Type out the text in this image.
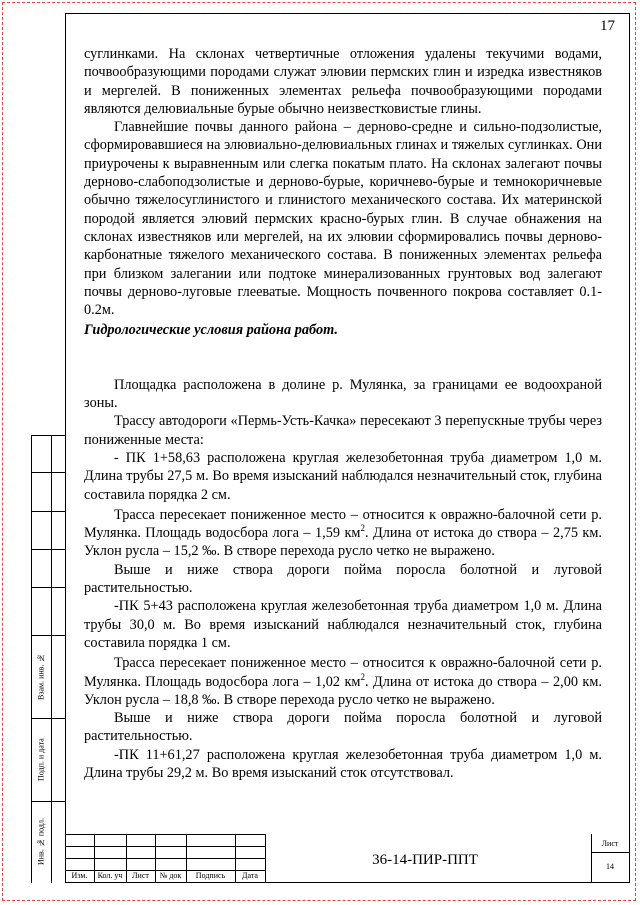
17

суглинками. На склонах четвертичные отложения удалены текучими водами, почвообразующими породами служат элювии пермских глин и изредка известняков и мергелей. В пониженных элементах рельефа почвообразующими породами являются делювиальные бурые обычно неизвестковистые глины.

Главнейшие почвы данного района – дерново-средне и сильно-подзолистые, сформировавшиеся на элювиально-делювиальных глинах и тяжелых суглинках. Они приурочены к выравненным или слегка покатым плато. На склонах залегают почвы дерново-слабоподзолистые и дерново-бурые, коричнево-бурые и темнокоричневые обычно тяжелосуглинистого и глинистого механического состава. Их материнской породой является элювий пермских красно-бурых глин. В случае обнажения на склонах известняков или мергелей, на их элювии сформировались почвы дерново-карбонатные тяжелого механического состава. В пониженных элементах рельефа при близком залегании или подтоке минерализованных грунтовых вод залегают почвы дерново-луговые глееватые. Мощность почвенного покрова составляет 0.1-0.2м.

Гидрологические условия района работ.

Площадка расположена в долине р. Мулянка, за границами ее водоохраной зоны.

Трассу автодороги «Пермь-Усть-Качка» пересекают 3 перепускные трубы через пониженные места:

- ПК 1+58,63 расположена круглая железобетонная труба диаметром 1,0 м. Длина трубы 27,5 м. Во время изысканий наблюдался незначительный сток, глубина составила порядка 2 см.

Трасса пересекает пониженное место – относится к овражно-балочной сети р. Мулянка. Площадь водосбора лога – 1,59 $км^2$. Длина от истока до створа – 2,75 км. Уклон русла – 15,2 ‰. В створе перехода русло четко не выражено.

Выше и ниже створа дороги пойма поросла болотной и луговой растительностью.

-ПК 5+43 расположена круглая железобетонная труба диаметром 1,0 м. Длина трубы 30,0 м. Во время изысканий наблюдался незначительный сток, глубина составила порядка 1 см.

Трасса пересекает пониженное место – относится к овражно-балочной сети р. Мулянка. Площадь водосбора лога – 1,02 $км^2$. Длина от истока до створа – 2,00 км. Уклон русла – 18,8 ‰. В створе перехода русло четко не выражено.

Выше и ниже створа дороги пойма поросла болотной и луговой растительностью.

-ПК 11+61,27 расположена круглая железобетонная труба диаметром 1,0 м. Длина трубы 29,2 м. Во время изысканий сток отсутствовал.

Взам. инв. №
Подп. и дата
Инв. № подл.
Изм.	Кол. уч	Лист	№ док	Подпись	Дата
36-14-ПИР-ППТ
Лист
14
